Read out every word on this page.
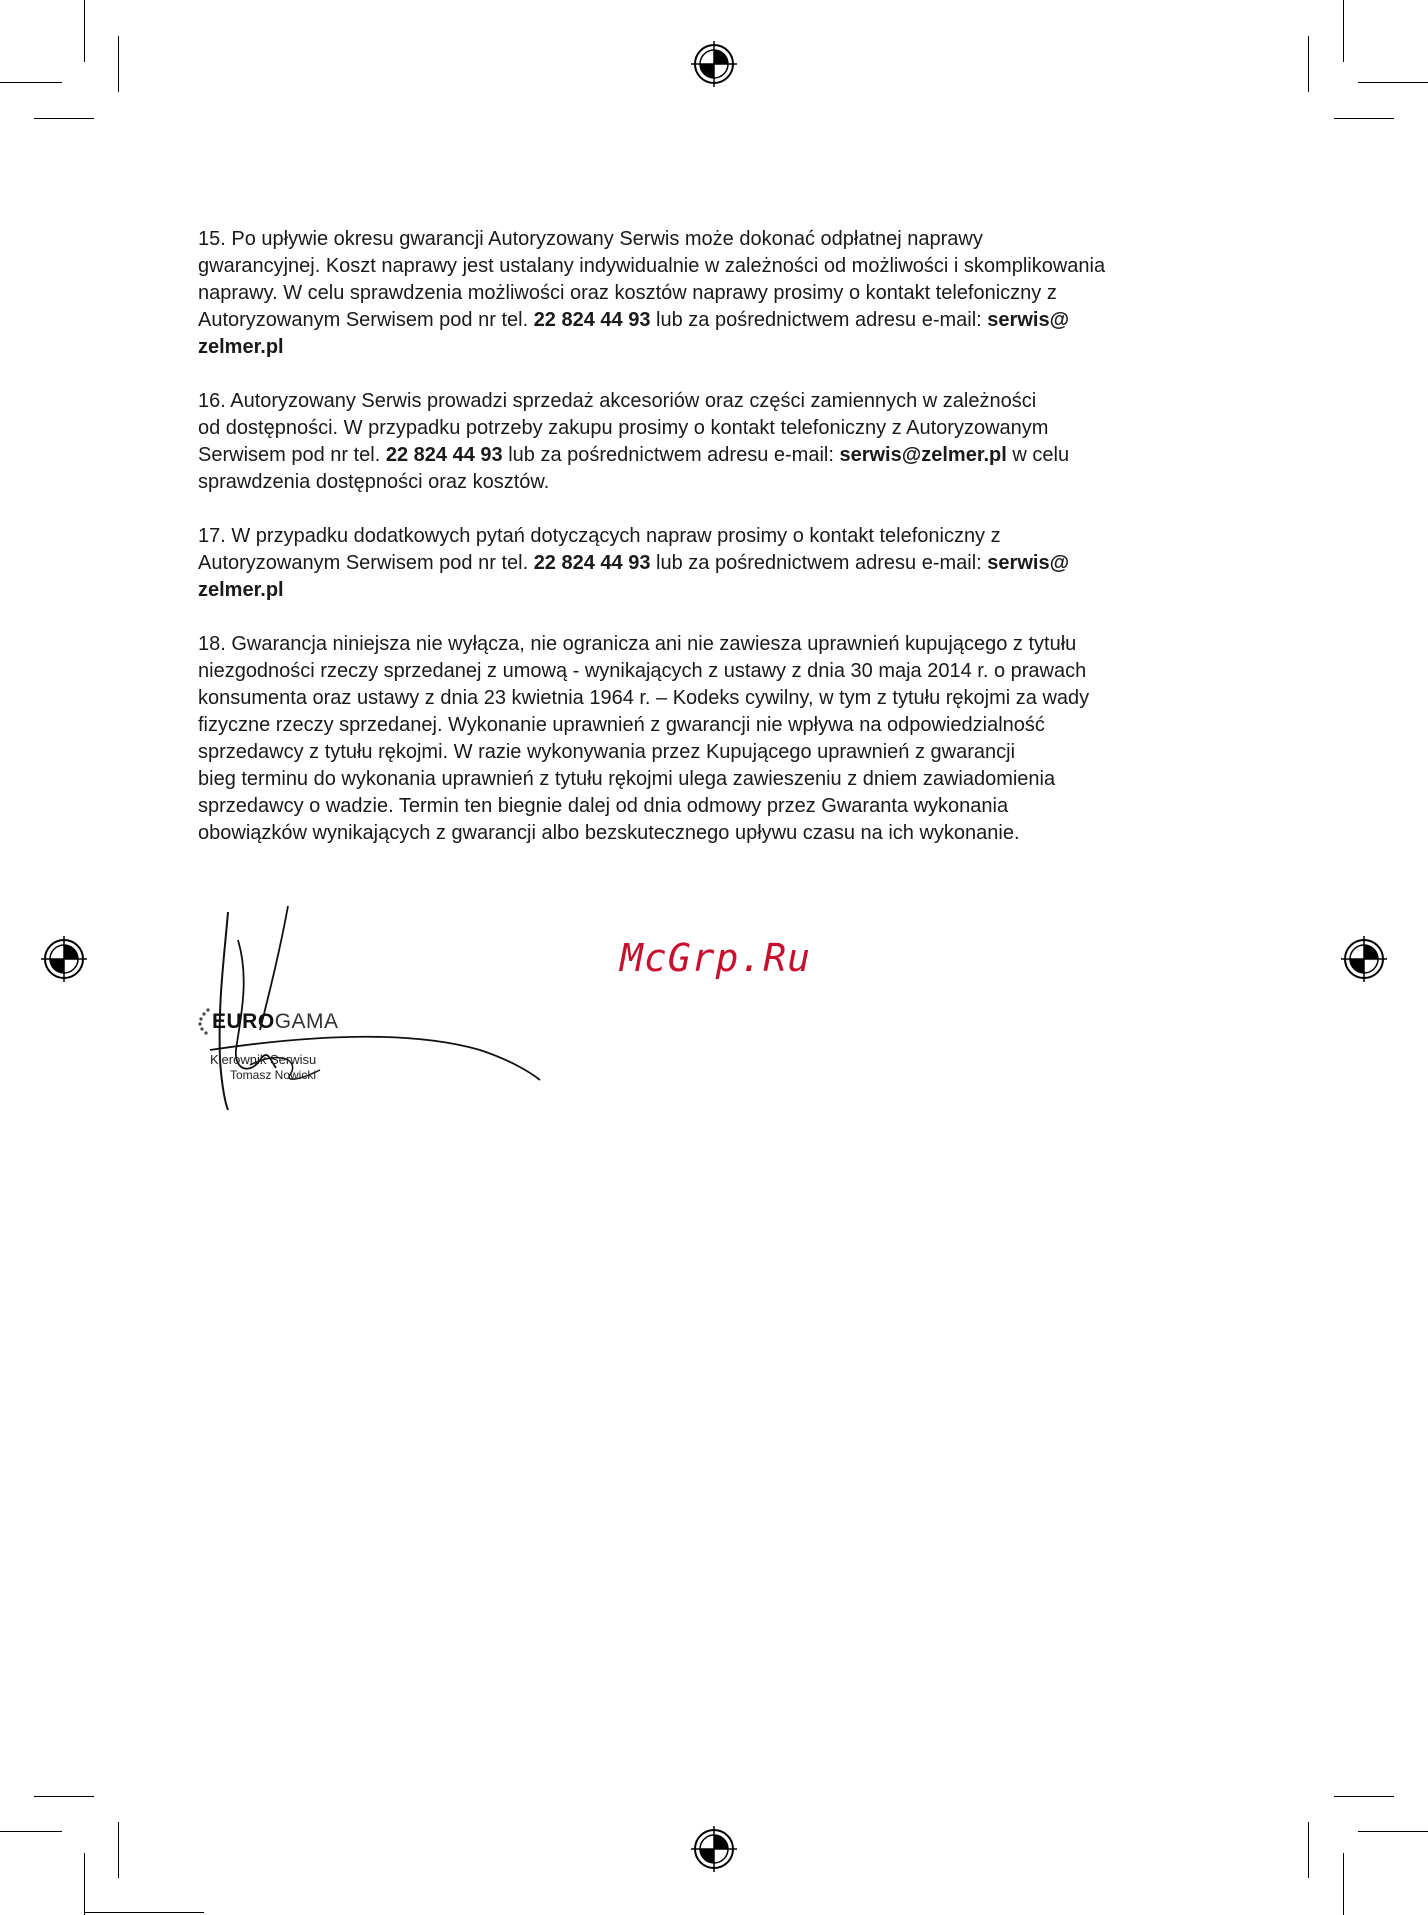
15. Po upływie okresu gwarancji Autoryzowany Serwis może dokonać odpłatnej naprawy
gwarancyjnej. Koszt naprawy jest ustalany indywidualnie w zależności od możliwości i skomplikowania
naprawy. W celu sprawdzenia możliwości oraz kosztów naprawy prosimy o kontakt telefoniczny z
Autoryzowanym Serwisem pod nr tel. 22 824 44 93 lub za pośrednictwem adresu e-mail: serwis@
zelmer.pl

16. Autoryzowany Serwis prowadzi sprzedaż akcesoriów oraz części zamiennych w zależności
od dostępności. W przypadku potrzeby zakupu prosimy o kontakt telefoniczny z Autoryzowanym
Serwisem pod nr tel. 22 824 44 93 lub za pośrednictwem adresu e-mail: serwis@zelmer.pl w celu
sprawdzenia dostępności oraz kosztów.

17. W przypadku dodatkowych pytań dotyczących napraw prosimy o kontakt telefoniczny z
Autoryzowanym Serwisem pod nr tel. 22 824 44 93 lub za pośrednictwem adresu e-mail: serwis@
zelmer.pl

18. Gwarancja niniejsza nie wyłącza, nie ogranicza ani nie zawiesza uprawnień kupującego z tytułu
niezgodności rzeczy sprzedanej z umową - wynikających z ustawy z dnia 30 maja 2014 r. o prawach
konsumenta oraz ustawy z dnia 23 kwietnia 1964 r. – Kodeks cywilny, w tym z tytułu rękojmi za wady
fizyczne rzeczy sprzedanej. Wykonanie uprawnień z gwarancji nie wpływa na odpowiedzialność
sprzedawcy z tytułu rękojmi. W razie wykonywania przez Kupującego uprawnień z gwarancji
bieg terminu do wykonania uprawnień z tytułu rękojmi ulega zawieszeniu z dniem zawiadomienia
sprzedawcy o wadzie. Termin ten biegnie dalej od dnia odmowy przez Gwaranta wykonania
obowiązków wynikających z gwarancji albo bezskutecznego upływu czasu na ich wykonanie.

EUROGAMA
Kierownik Serwisu
Tomasz Nowicki
McGrp.Ru
